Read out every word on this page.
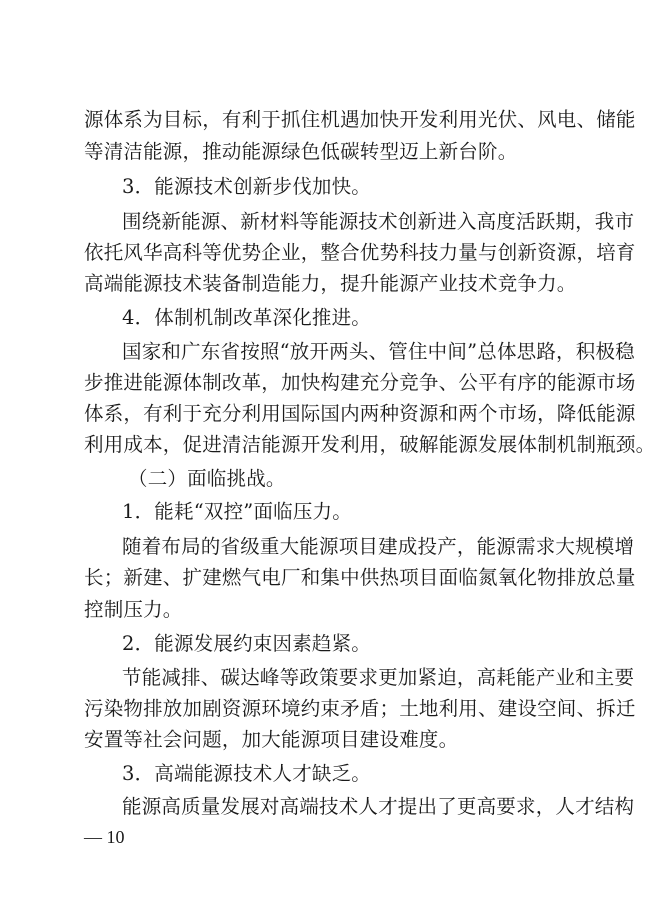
源体系为目标，有利于抓住机遇加快开发利用光伏、风电、储能
等清洁能源，推动能源绿色低碳转型迈上新台阶。
3．能源技术创新步伐加快。
围绕新能源、新材料等能源技术创新进入高度活跃期，我市
依托风华高科等优势企业，整合优势科技力量与创新资源，培育
高端能源技术装备制造能力，提升能源产业技术竞争力。
4．体制机制改革深化推进。
国家和广东省按照“放开两头、管住中间”总体思路，积极稳
步推进能源体制改革，加快构建充分竞争、公平有序的能源市场
体系，有利于充分利用国际国内两种资源和两个市场，降低能源
利用成本，促进清洁能源开发利用，破解能源发展体制机制瓶颈。
（二）面临挑战。
1．能耗“双控”面临压力。
随着布局的省级重大能源项目建成投产，能源需求大规模增
长；新建、扩建燃气电厂和集中供热项目面临氮氧化物排放总量
控制压力。
2．能源发展约束因素趋紧。
节能减排、碳达峰等政策要求更加紧迫，高耗能产业和主要
污染物排放加剧资源环境约束矛盾；土地利用、建设空间、拆迁
安置等社会问题，加大能源项目建设难度。
3．高端能源技术人才缺乏。
能源高质量发展对高端技术人才提出了更高要求，人才结构
— 10
